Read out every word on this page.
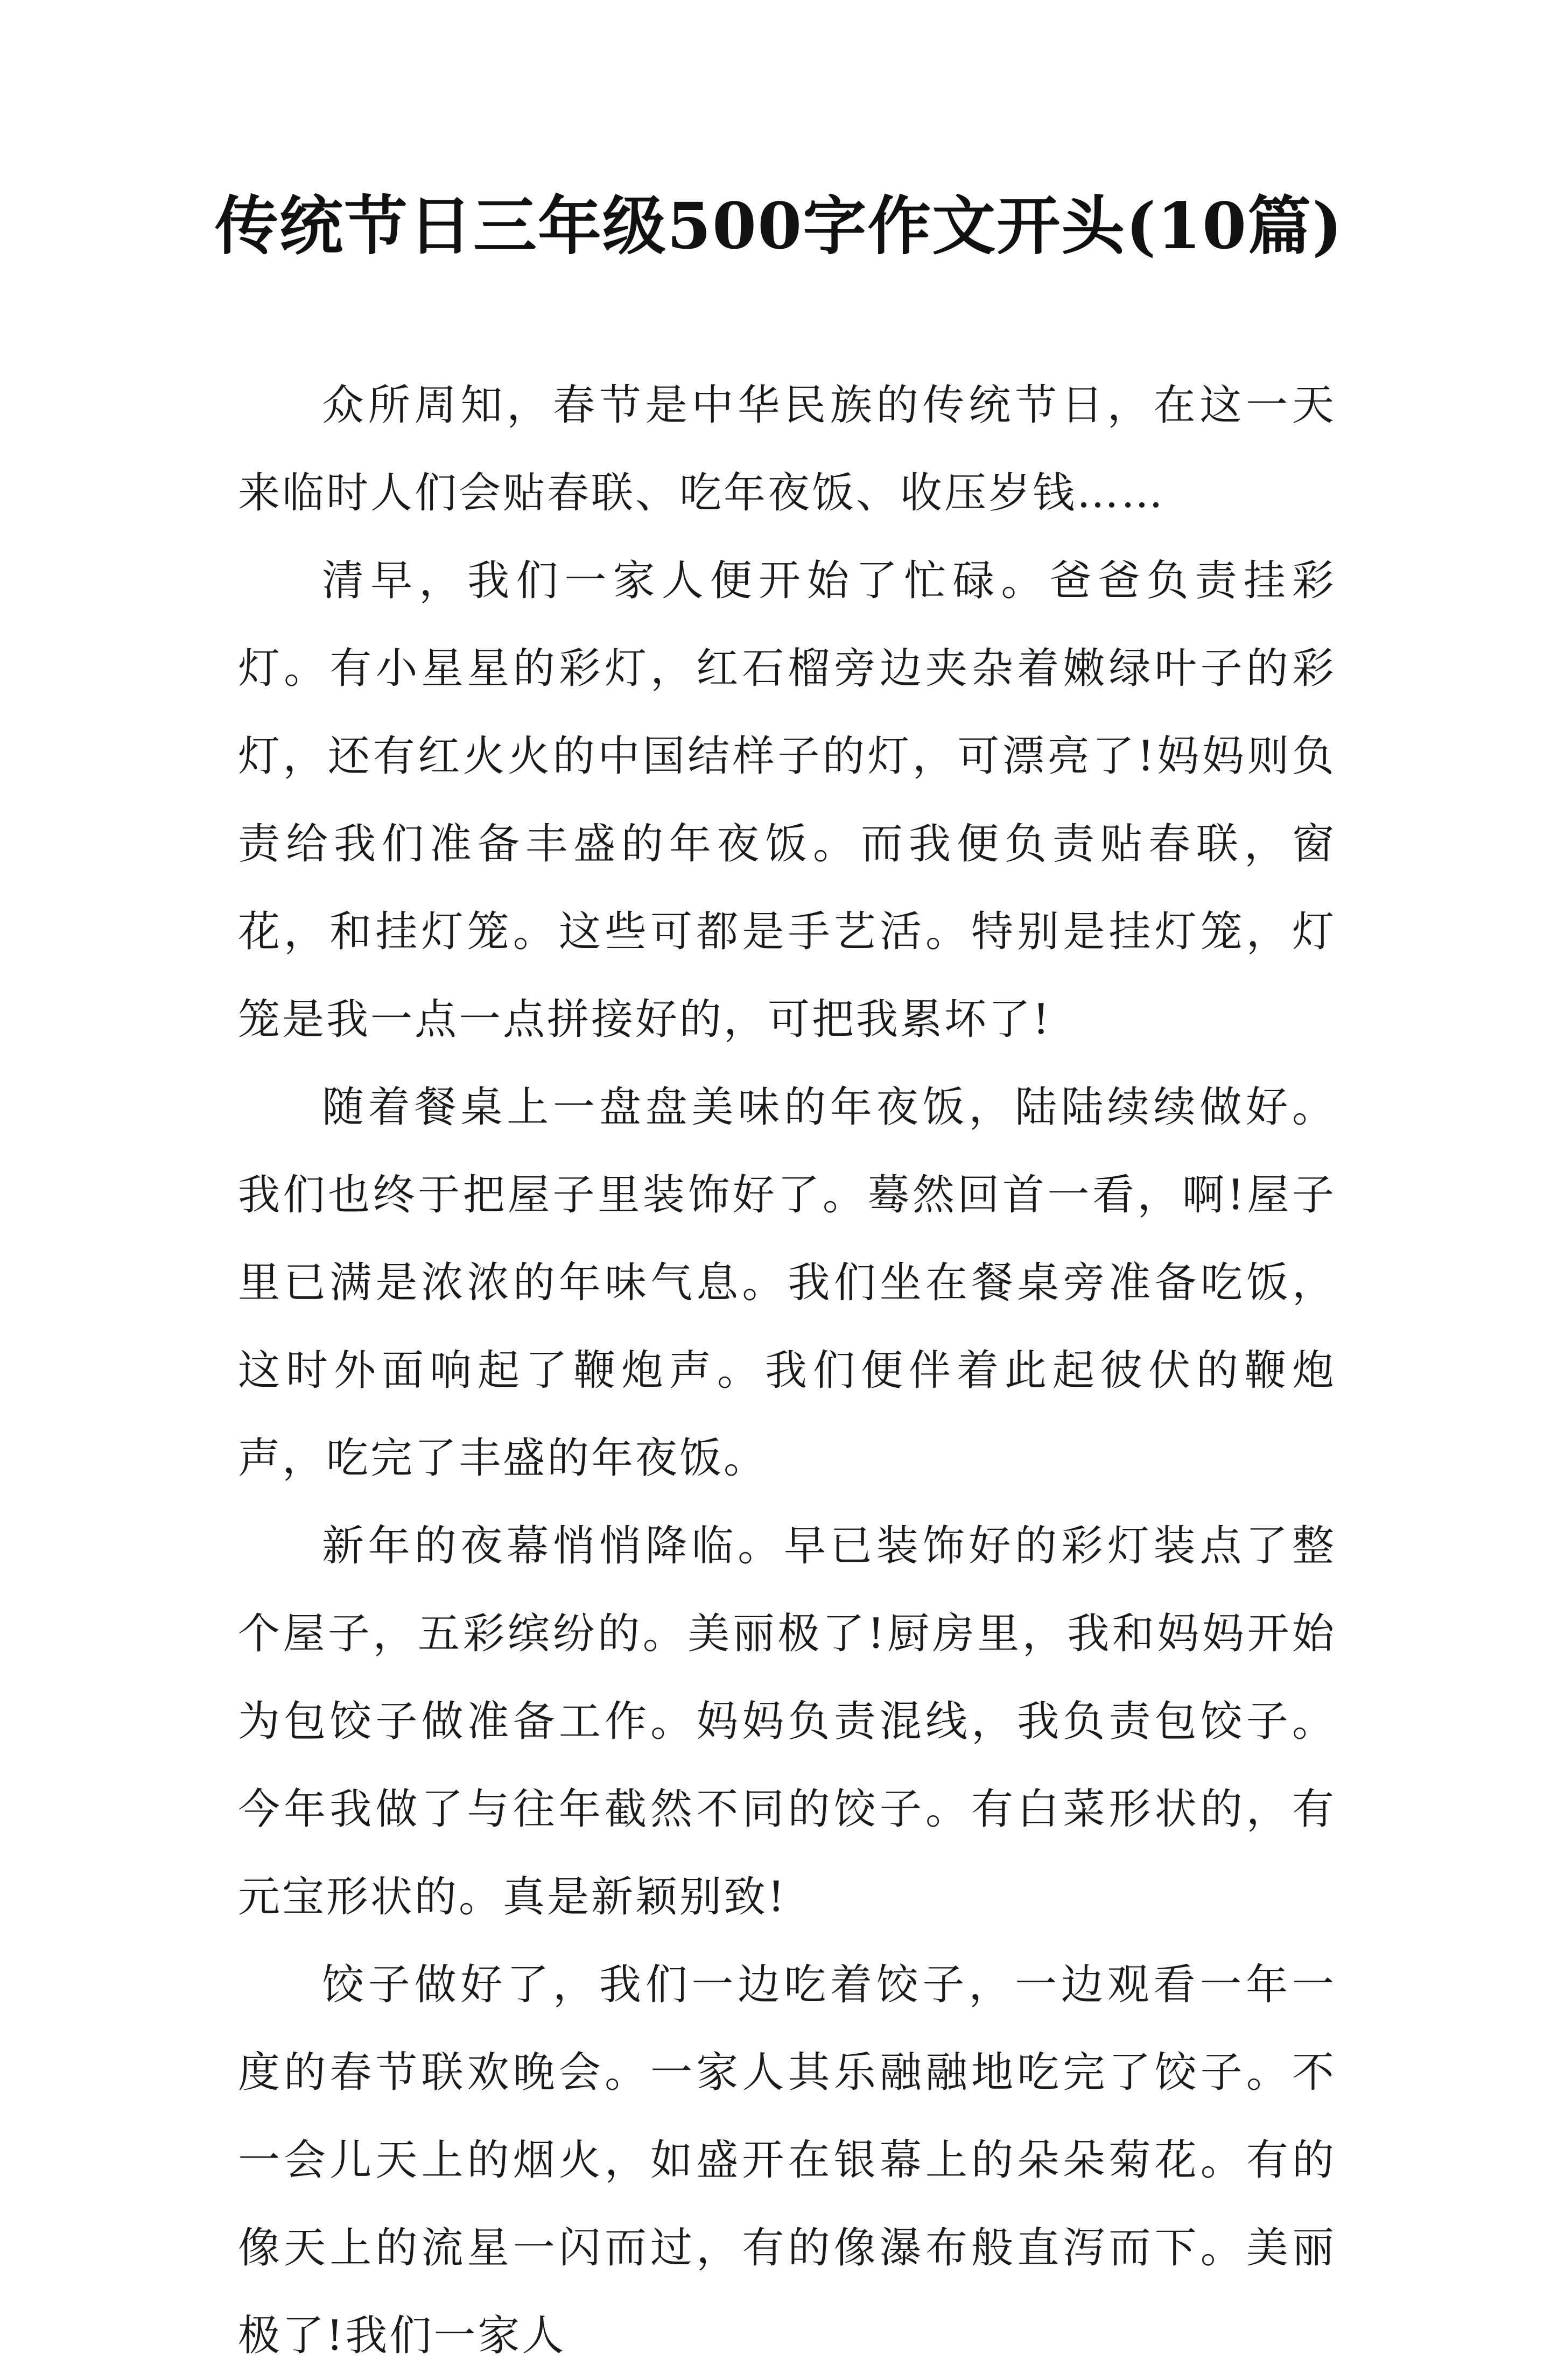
传统节日三年级500字作文开头(10篇)

众所周知，春节是中华民族的传统节日，在这一天来临时人们会贴春联、吃年夜饭、收压岁钱……

清早，我们一家人便开始了忙碌。爸爸负责挂彩灯。有小星星的彩灯，红石榴旁边夹杂着嫩绿叶子的彩灯，还有红火火的中国结样子的灯，可漂亮了!妈妈则负责给我们准备丰盛的年夜饭。而我便负责贴春联，窗花，和挂灯笼。这些可都是手艺活。特别是挂灯笼，灯笼是我一点一点拼接好的，可把我累坏了!

随着餐桌上一盘盘美味的年夜饭，陆陆续续做好。我们也终于把屋子里装饰好了。蓦然回首一看，啊!屋子里已满是浓浓的年味气息。我们坐在餐桌旁准备吃饭，这时外面响起了鞭炮声。我们便伴着此起彼伏的鞭炮声，吃完了丰盛的年夜饭。

新年的夜幕悄悄降临。早已装饰好的彩灯装点了整个屋子，五彩缤纷的。美丽极了!厨房里，我和妈妈开始为包饺子做准备工作。妈妈负责混线，我负责包饺子。今年我做了与往年截然不同的饺子。有白菜形状的，有元宝形状的。真是新颖别致!

饺子做好了，我们一边吃着饺子，一边观看一年一度的春节联欢晚会。一家人其乐融融地吃完了饺子。不一会儿天上的烟火，如盛开在银幕上的朵朵菊花。有的像天上的流星一闪而过，有的像瀑布般直泻而下。美丽极了!我们一家人
